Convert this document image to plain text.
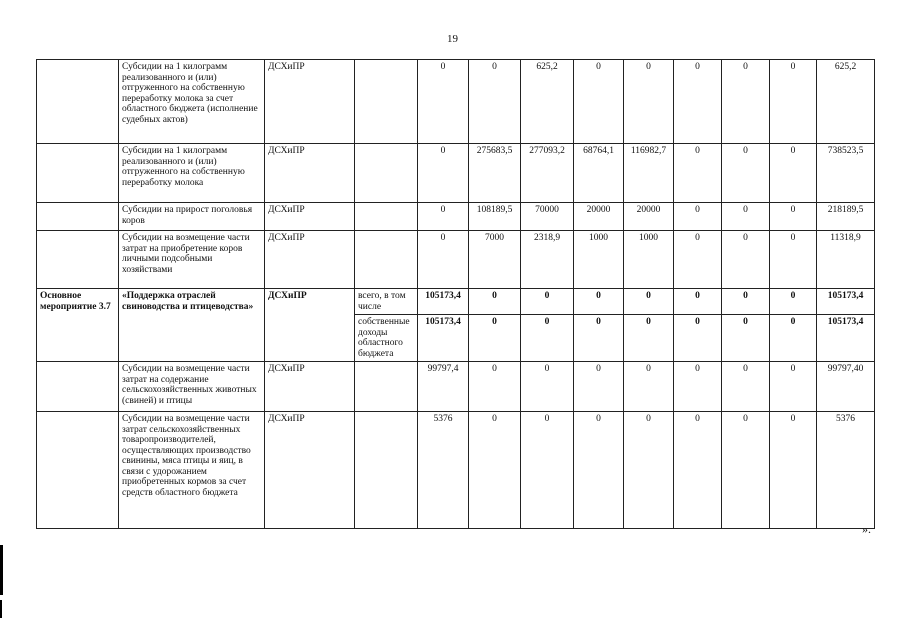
19
	Субсидии на 1 килограмм реализованного и (или) отгруженного на собственную переработку молока за счет областного бюджета (исполнение судебных актов)	ДСХиПР		0	0	625,2	0	0	0	0	0	625,2
	Субсидии на 1 килограмм реализованного и (или) отгруженного на собственную переработку молока	ДСХиПР		0	275683,5	277093,2	68764,1	116982,7	0	0	0	738523,5
	Субсидии на прирост поголовья коров	ДСХиПР		0	108189,5	70000	20000	20000	0	0	0	218189,5
	Субсидии на возмещение части затрат на приобретение коров личными подсобными хозяйствами	ДСХиПР		0	7000	2318,9	1000	1000	0	0	0	11318,9
Основное мероприятие 3.7	«Поддержка отраслей свиноводства и птицеводства»	ДСХиПР	всего, в том числе	105173,4	0	0	0	0	0	0	0	105173,4
			собственные доходы областного бюджета	105173,4	0	0	0	0	0	0	0	105173,4
	Субсидии на возмещение части затрат на содержание сельскохозяйственных животных (свиней) и птицы	ДСХиПР		99797,4	0	0	0	0	0	0	0	99797,40
	Субсидии на возмещение части затрат сельскохозяйственных товаропроизводителей, осуществляющих производство свинины, мяса птицы и яиц, в связи с удорожанием приобретенных кормов за счет средств областного бюджета	ДСХиПР		5376	0	0	0	0	0	0	0	5376
».
